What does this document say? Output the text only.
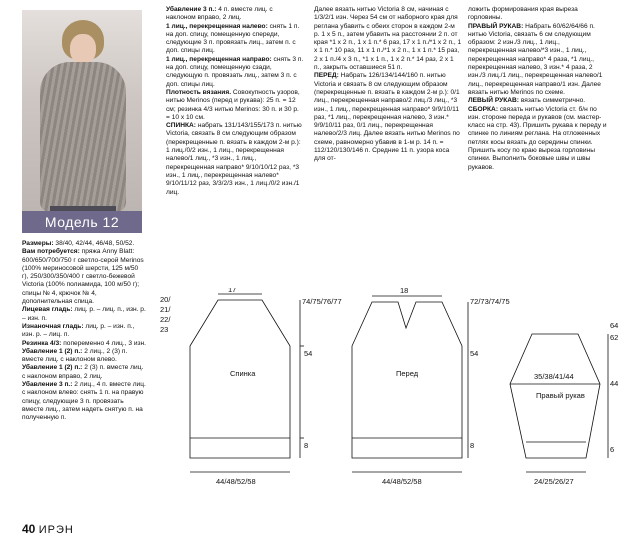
Модель 12

Размеры: 38/40, 42/44, 46/48, 50/52.

Вам потребуется: пряжа Anny Blatt: 600/650/700/750 г светло-серой Merinos (100% мериносовой шерсти, 125 м/50 г), 250/300/350/400 г светло-бежевой Victoria (100% полиамида, 100 м/50 г); спицы № 4, крючок № 4, дополнительная спица.

Лицевая гладь: лиц. р. – лиц. п., изн. р. – изн. п.

Изнаночная гладь: лиц. р. – изн. п., изн. р. – лиц. п.

Резинка 4/3: попеременно 4 лиц., 3 изн.

Убавление 1 (2) п.: 2 лиц., 2 (3) п. вместе лиц. с наклоном влево.

Убавление 1 (2) п.: 2 (3) п. вместе лиц. с наклоном вправо, 2 лиц.

Убавление 3 п.: 2 лиц., 4 п. вместе лиц. с наклоном влево: снять 1 п. на правую спицу, следующие 3 п. провязать вместе лиц., затем надеть снятую п. на полученную п.

Убавление 3 п.: 4 п. вместе лиц. с наклоном вправо, 2 лиц.

1 лиц., перекрещенная налево: снять 1 п. на доп. спицу, помещенную спереди, следующие 3 п. провязать лиц., затем п. с доп. спицы лиц.

1 лиц., перекрещенная направо: снять 3 п. на доп. спицу, помещенную сзади, следующую п. провязать лиц., затем 3 п. с доп. спицы лиц.

Плотность вязания. Совокупность узоров, нитью Merinos (перед и рукава): 25 п. = 12 см; резинка 4/3 нитью Merinos: 30 п. и 30 р. = 10 х 10 см.

СПИНКА: набрать 131/143/155/173 п. нитью Victoria, связать 8 см следующим образом (перекрещенные п. вязать в каждом 2-м р.): 1 лиц./0/2 изн., 1 лиц., перекрещенная налево/1 лиц., *3 изн., 1 лиц., перекрещенная направо* 9/10/10/12 раз, *3 изн., 1 лиц., перекрещенная налево* 9/10/11/12 раз, 3/3/2/3 изн., 1 лиц./0/2 изн./1 лиц.

Далее вязать нитью Victoria 8 см, начиная с 1/3/2/1 изн. Через 54 см от наборного края для реглана убавить с обеих сторон в каждом 2-м р. 1 х 5 п., затем убавить на расстоянии 2 п. от края *1 х 2 п., 1 х 1 п.* 6 раз, 17 х 1 п./*1 х 2 п., 1 х 1 п.* 10 раз, 11 х 1 п./*1 х 2 п., 1 х 1 п.* 15 раз, 2 х 1 п./4 х 3 п., *1 х 1 п., 1 х 2 п.* 14 раз, 2 х 1 п., закрыть оставшиеся 51 п.

ПЕРЕД: Набрать 126/134/144/160 п. нитью Victoria и связать 8 см следующим образом (перекрещенные п. вязать в каждом 2-м р.): 0/1 лиц., перекрещенная направо/2 лиц./3 лиц., *3 изн., 1 лиц., перекрещенная направо* 9/9/10/11 раз, *1 лиц., перекрещенная налево, 3 изн.* 9/9/10/11 раз, 0/1 лиц., перекрещенная налево/2/3 лиц. Далее вязать нитью Merinos по схеме, равномерно убавив в 1-м р. 14 п. = 112/120/130/146 п. Средние 11 п. узора коса для от-

ложить формирования края выреза горловины.

ПРАВЫЙ РУКАВ: Набрать 60/62/64/66 п. нитью Victoria, связать 6 см следующим образом: 2 изн./3 лиц., 1 лиц., перекрещенная налево/*3 изн., 1 лиц., перекрещенная направо* 4 раза, *1 лиц., перекрещенная налево, 3 изн.* 4 раза, 2 изн./3 лиц./1 лиц., перекрещенная налево/1 лиц., перекрещенная направо/1 изн. Далее вязать нитью Merinos по схеме.

ЛЕВЫЙ РУКАВ: вязать симметрично.

СБОРКА: связать нитью Victoria ст. б/н по изн. стороне переда и рукавов (см. мастер-класс на стр. 43). Пришить рукава к переду и спинке по линиям реглана. На отложенных петлях косы вязать до середины спинки. Пришить косу по краю выреза горловины спинки. Выполнить боковые швы и швы рукавов.

17
20/
21/
22/
23
74/75/76/77
54
8
Спинка
44/48/52/58
18
72/73/74/75
54
8
Перед
44/48/52/58
35/38/41/44
64
62
44
6
Правый рукав
24/25/26/27
40 ИРЭН
